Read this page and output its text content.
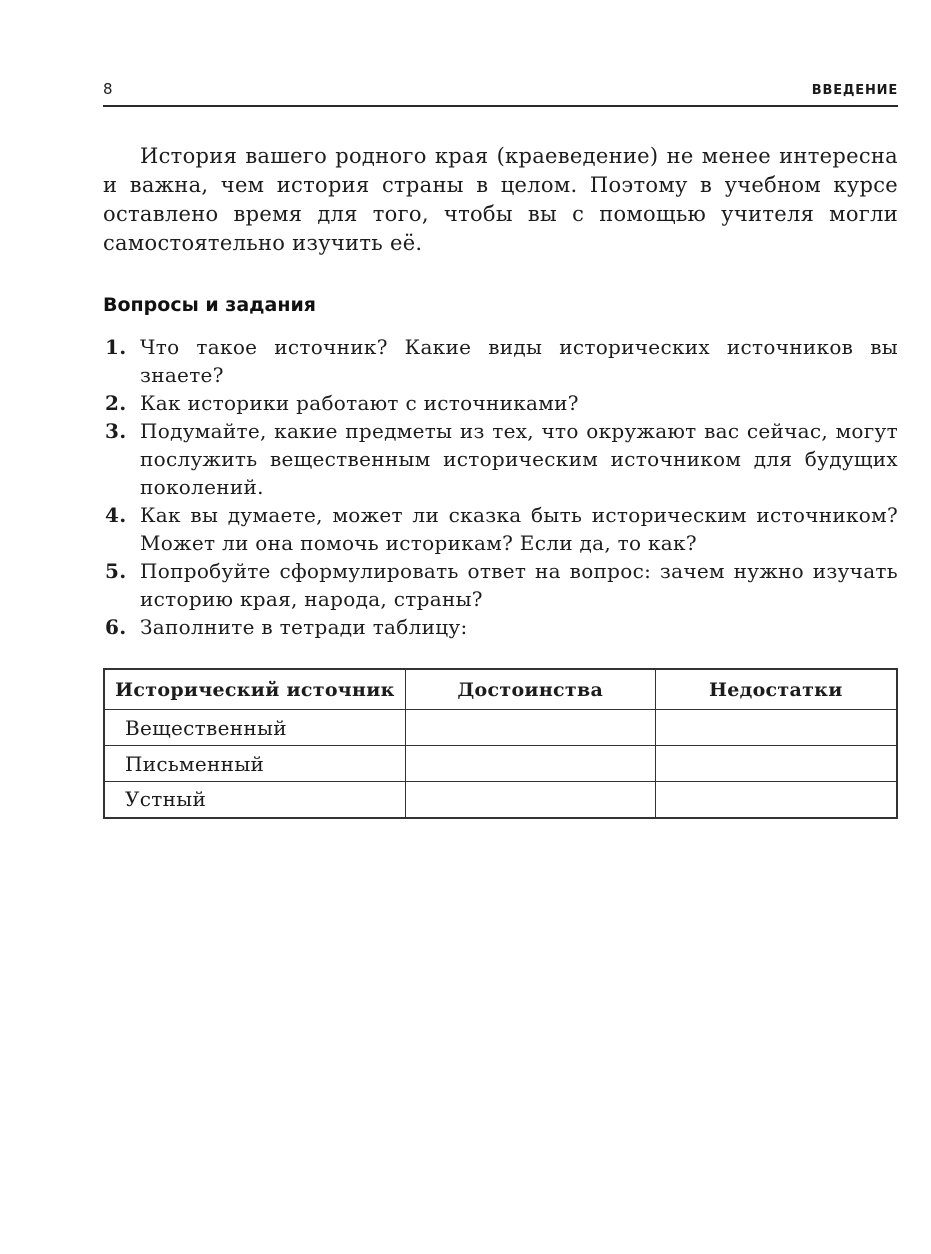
8	ВВЕДЕНИЕ

История вашего родного края (краеведение) не менее интересна и важна, чем история страны в целом. Поэтому в учебном курсе оставлено время для того, чтобы вы с помощью учителя могли самостоятельно изучить её.

Вопросы и задания
Что такое источник? Какие виды исторических источников вы знаете?
Как историки работают с источниками?
Подумайте, какие предметы из тех, что окружают вас сейчас, могут послужить вещественным историческим источником для будущих поколений.
Как вы думаете, может ли сказка быть историческим источником? Может ли она помочь историкам? Если да, то как?
Попробуйте сформулировать ответ на вопрос: зачем нужно изучать историю края, народа, страны?
Заполните в тетради таблицу:
Исторический источник	Достоинства	Недостатки
Вещественный		
Письменный		
Устный		
